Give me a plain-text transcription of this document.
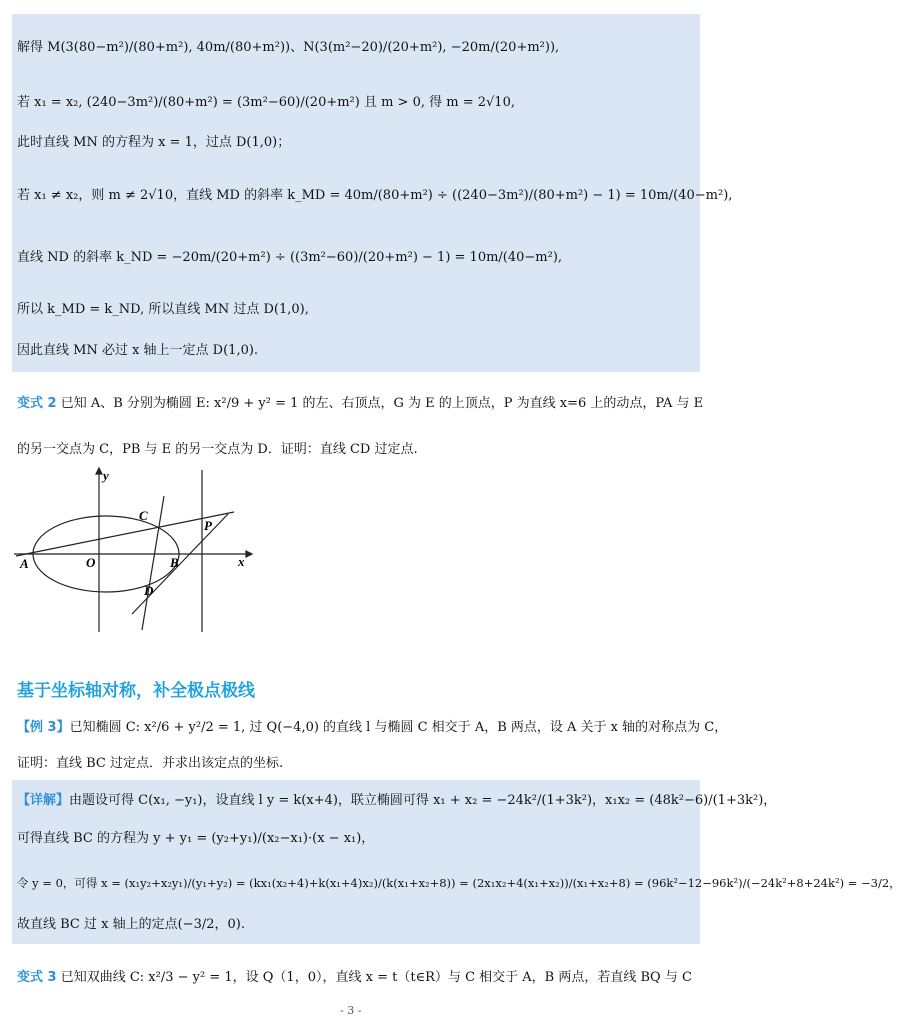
解得 M(3(80−m²)/(80+m²), 40m/(80+m²))、N(3(m²−20)/(20+m²), −20m/(20+m²)),
若 x₁ = x₂, (240−3m²)/(80+m²) = (3m²−60)/(20+m²) 且 m > 0, 得 m = 2√10,
此时直线 MN 的方程为 x = 1，过点 D(1,0)；
若 x₁ ≠ x₂，则 m ≠ 2√10，直线 MD 的斜率 k_MD = 40m/(80+m²) ÷ ((240−3m²)/(80+m²) − 1) = 10m/(40−m²),
直线 ND 的斜率 k_ND = −20m/(20+m²) ÷ ((3m²−60)/(20+m²) − 1) = 10m/(40−m²),
所以 k_MD = k_ND, 所以直线 MN 过点 D(1,0),
因此直线 MN 必过 x 轴上一定点 D(1,0).
变式 2 已知 A、B 分别为椭圆 E: x²/9 + y² = 1 的左、右顶点，G 为 E 的上顶点，P 为直线 x=6 上的动点，PA 与 E
的另一交点为 C，PB 与 E 的另一交点为 D．证明：直线 CD 过定点.
y
x
A	O	B
C
D
P
基于坐标轴对称，补全极点极线
【例 3】已知椭圆 C: x²/6 + y²/2 = 1, 过 Q(−4,0) 的直线 l 与椭圆 C 相交于 A，B 两点，设 A 关于 x 轴的对称点为 C，
证明：直线 BC 过定点．并求出该定点的坐标.
【详解】由题设可得 C(x₁, −y₁)，设直线 l y = k(x+4)，联立椭圆可得 x₁ + x₂ = −24k²/(1+3k²)，x₁x₂ = (48k²−6)/(1+3k²)，
可得直线 BC 的方程为 y + y₁ = (y₂+y₁)/(x₂−x₁)·(x − x₁)，
令 y = 0，可得 x = (x₁y₂+x₂y₁)/(y₁+y₂) = (kx₁(x₂+4)+k(x₁+4)x₂)/(k(x₁+x₂+8)) = (2x₁x₂+4(x₁+x₂))/(x₁+x₂+8) = (96k²−12−96k²)/(−24k²+8+24k²) = −3/2，
故直线 BC 过 x 轴上的定点(−3/2，0).
变式 3 已知双曲线 C: x²/3 − y² = 1，设 Q（1，0），直线 x = t（t∈R）与 C 相交于 A，B 两点，若直线 BQ 与 C
- 3 -
